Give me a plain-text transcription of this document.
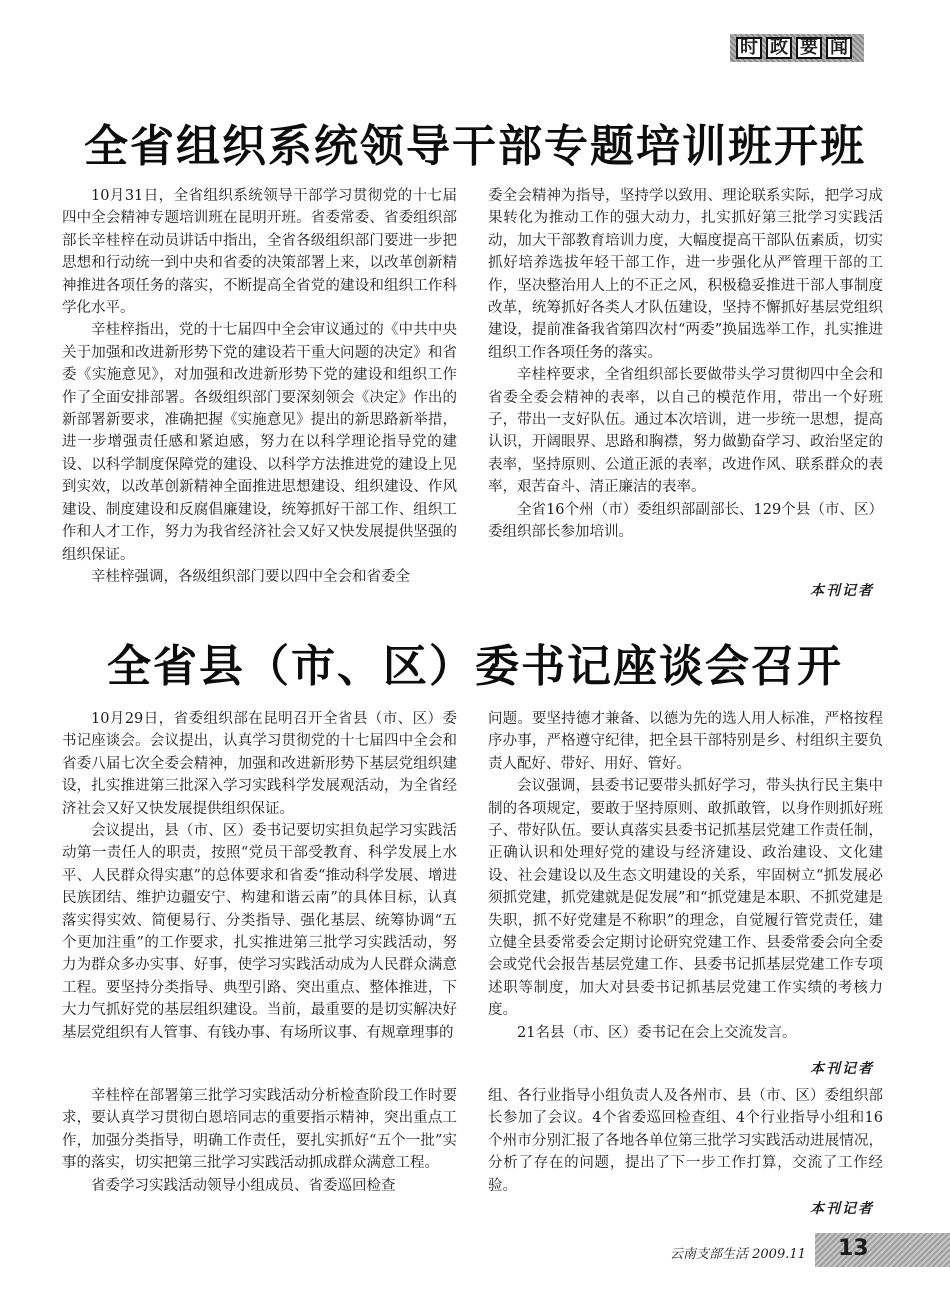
时 政 要 闻
全省组织系统领导干部专题培训班开班

10月31日，全省组织系统领导干部学习贯彻党的十七届四中全会精神专题培训班在昆明开班。省委常委、省委组织部部长辛桂梓在动员讲话中指出，全省各级组织部门要进一步把思想和行动统一到中央和省委的决策部署上来，以改革创新精神推进各项任务的落实，不断提高全省党的建设和组织工作科学化水平。

辛桂梓指出，党的十七届四中全会审议通过的《中共中央关于加强和改进新形势下党的建设若干重大问题的决定》和省委《实施意见》，对加强和改进新形势下党的建设和组织工作作了全面安排部署。各级组织部门要深刻领会《决定》作出的新部署新要求，准确把握《实施意见》提出的新思路新举措，进一步增强责任感和紧迫感，努力在以科学理论指导党的建设、以科学制度保障党的建设、以科学方法推进党的建设上见到实效，以改革创新精神全面推进思想建设、组织建设、作风建设、制度建设和反腐倡廉建设，统筹抓好干部工作、组织工作和人才工作，努力为我省经济社会又好又快发展提供坚强的组织保证。

辛桂梓强调，各级组织部门要以四中全会和省委全

委全会精神为指导，坚持学以致用、理论联系实际，把学习成果转化为推动工作的强大动力，扎实抓好第三批学习实践活动，加大干部教育培训力度，大幅度提高干部队伍素质，切实抓好培养选拔年轻干部工作，进一步强化从严管理干部的工作，坚决整治用人上的不正之风，积极稳妥推进干部人事制度改革，统筹抓好各类人才队伍建设，坚持不懈抓好基层党组织建设，提前准备我省第四次村“两委”换届选举工作，扎实推进组织工作各项任务的落实。

辛桂梓要求，全省组织部长要做带头学习贯彻四中全会和省委全委会精神的表率，以自己的模范作用，带出一个好班子，带出一支好队伍。通过本次培训，进一步统一思想，提高认识，开阔眼界、思路和胸襟，努力做勤奋学习、政治坚定的表率，坚持原则、公道正派的表率，改进作风、联系群众的表率，艰苦奋斗、清正廉洁的表率。

全省16个州（市）委组织部副部长、129个县（市、区）委组织部长参加培训。

本刊记者
全省县（市、区）委书记座谈会召开

10月29日，省委组织部在昆明召开全省县（市、区）委书记座谈会。会议提出，认真学习贯彻党的十七届四中全会和省委八届七次全委会精神，加强和改进新形势下基层党组织建设，扎实推进第三批深入学习实践科学发展观活动，为全省经济社会又好又快发展提供组织保证。

会议提出，县（市、区）委书记要切实担负起学习实践活动第一责任人的职责，按照“党员干部受教育、科学发展上水平、人民群众得实惠”的总体要求和省委“推动科学发展、增进民族团结、维护边疆安宁、构建和谐云南”的具体目标，认真落实得实效、简便易行、分类指导、强化基层、统筹协调“五个更加注重”的工作要求，扎实推进第三批学习实践活动，努力为群众多办实事、好事，使学习实践活动成为人民群众满意工程。要坚持分类指导、典型引路、突出重点、整体推进，下大力气抓好党的基层组织建设。当前，最重要的是切实解决好基层党组织有人管事、有钱办事、有场所议事、有规章理事的

问题。要坚持德才兼备、以德为先的选人用人标准，严格按程序办事，严格遵守纪律，把全县干部特别是乡、村组织主要负责人配好、带好、用好、管好。

会议强调，县委书记要带头抓好学习，带头执行民主集中制的各项规定，要敢于坚持原则、敢抓敢管，以身作则抓好班子、带好队伍。要认真落实县委书记抓基层党建工作责任制，正确认识和处理好党的建设与经济建设、政治建设、文化建设、社会建设以及生态文明建设的关系，牢固树立“抓发展必须抓党建，抓党建就是促发展”和“抓党建是本职、不抓党建是失职，抓不好党建是不称职”的理念，自觉履行管党责任，建立健全县委常委会定期讨论研究党建工作、县委常委会向全委会或党代会报告基层党建工作、县委书记抓基层党建工作专项述职等制度，加大对县委书记抓基层党建工作实绩的考核力度。

21名县（市、区）委书记在会上交流发言。

本刊记者

辛桂梓在部署第三批学习实践活动分析检查阶段工作时要求，要认真学习贯彻白恩培同志的重要指示精神，突出重点工作，加强分类指导，明确工作责任，要扎实抓好“五个一批”实事的落实，切实把第三批学习实践活动抓成群众满意工程。

省委学习实践活动领导小组成员、省委巡回检查

组、各行业指导小组负责人及各州市、县（市、区）委组织部长参加了会议。4个省委巡回检查组、4个行业指导小组和16个州市分别汇报了各地各单位第三批学习实践活动进展情况，分析了存在的问题，提出了下一步工作打算，交流了工作经验。

本刊记者
云南支部生活 2009.11 13
